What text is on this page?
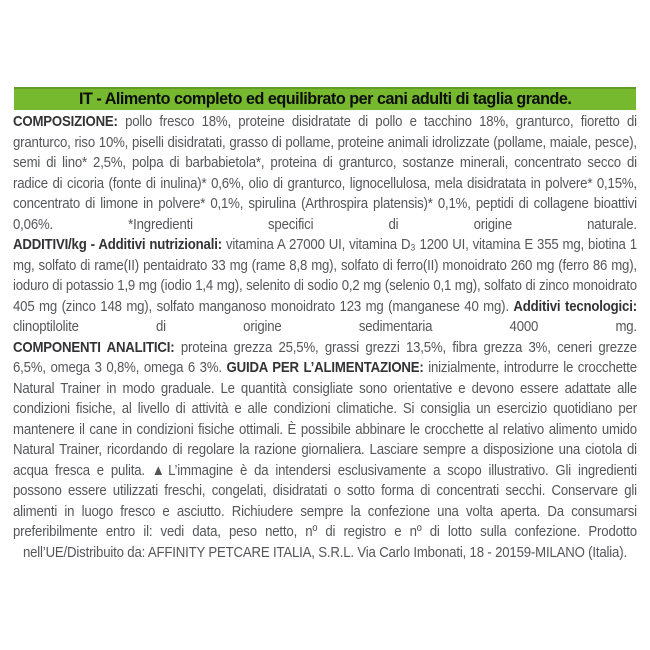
IT - Alimento completo ed equilibrato per cani adulti di taglia grande.

COMPOSIZIONE: pollo fresco 18%, proteine disidratate di pollo e tacchino 18%, granturco, fioretto di granturco, riso 10%, piselli disidratati, grasso di pollame, proteine animali idrolizzate (pollame, maiale, pesce), semi di lino* 2,5%, polpa di barbabietola*, proteina di granturco, sostanze minerali, concentrato secco di radice di cicoria (fonte di inulina)* 0,6%, olio di granturco, lignocellulosa, mela disidratata in polvere* 0,15%, concentrato di limone in polvere* 0,1%, spirulina (Arthrospira platensis)* 0,1%, peptidi di collagene bioattivi 0,06%. *Ingredienti specifici di origine naturale.

ADDITIVI/kg - Additivi nutrizionali: vitamina A 27000 UI, vitamina D₃ 1200 UI, vitamina E 355 mg, biotina 1 mg, solfato di rame(II) pentaidrato 33 mg (rame 8,8 mg), solfato di ferro(II) monoidrato 260 mg (ferro 86 mg), ioduro di potassio 1,9 mg (iodio 1,4 mg), selenito di sodio 0,2 mg (selenio 0,1 mg), solfato di zinco monoidrato 405 mg (zinco 148 mg), solfato manganoso monoidrato 123 mg (manganese 40 mg). Additivi tecnologici: clinoptilolite di origine sedimentaria 4000 mg.

COMPONENTI ANALITICI: proteina grezza 25,5%, grassi grezzi 13,5%, fibra grezza 3%, ceneri grezze 6,5%, omega 3 0,8%, omega 6 3%. GUIDA PER L’ALIMENTAZIONE: inizialmente, introdurre le crocchette Natural Trainer in modo graduale. Le quantità consigliate sono orientative e devono essere adattate alle condizioni fisiche, al livello di attività e alle condizioni climatiche. Si consiglia un esercizio quotidiano per mantenere il cane in condizioni fisiche ottimali. È possibile abbinare le crocchette al relativo alimento umido Natural Trainer, ricordando di regolare la razione giornaliera. Lasciare sempre a disposizione una ciotola di acqua fresca e pulita. ▲L’immagine è da intendersi esclusivamente a scopo illustrativo. Gli ingredienti possono essere utilizzati freschi, congelati, disidratati o sotto forma di concentrati secchi. Conservare gli alimenti in luogo fresco e asciutto. Richiudere sempre la confezione una volta aperta. Da consumarsi preferibilmente entro il: vedi data, peso netto, nº di registro e nº di lotto sulla confezione. Prodotto nell’UE/Distribuito da: AFFINITY PETCARE ITALIA, S.R.L. Via Carlo Imbonati, 18 - 20159-MILANO (Italia).
